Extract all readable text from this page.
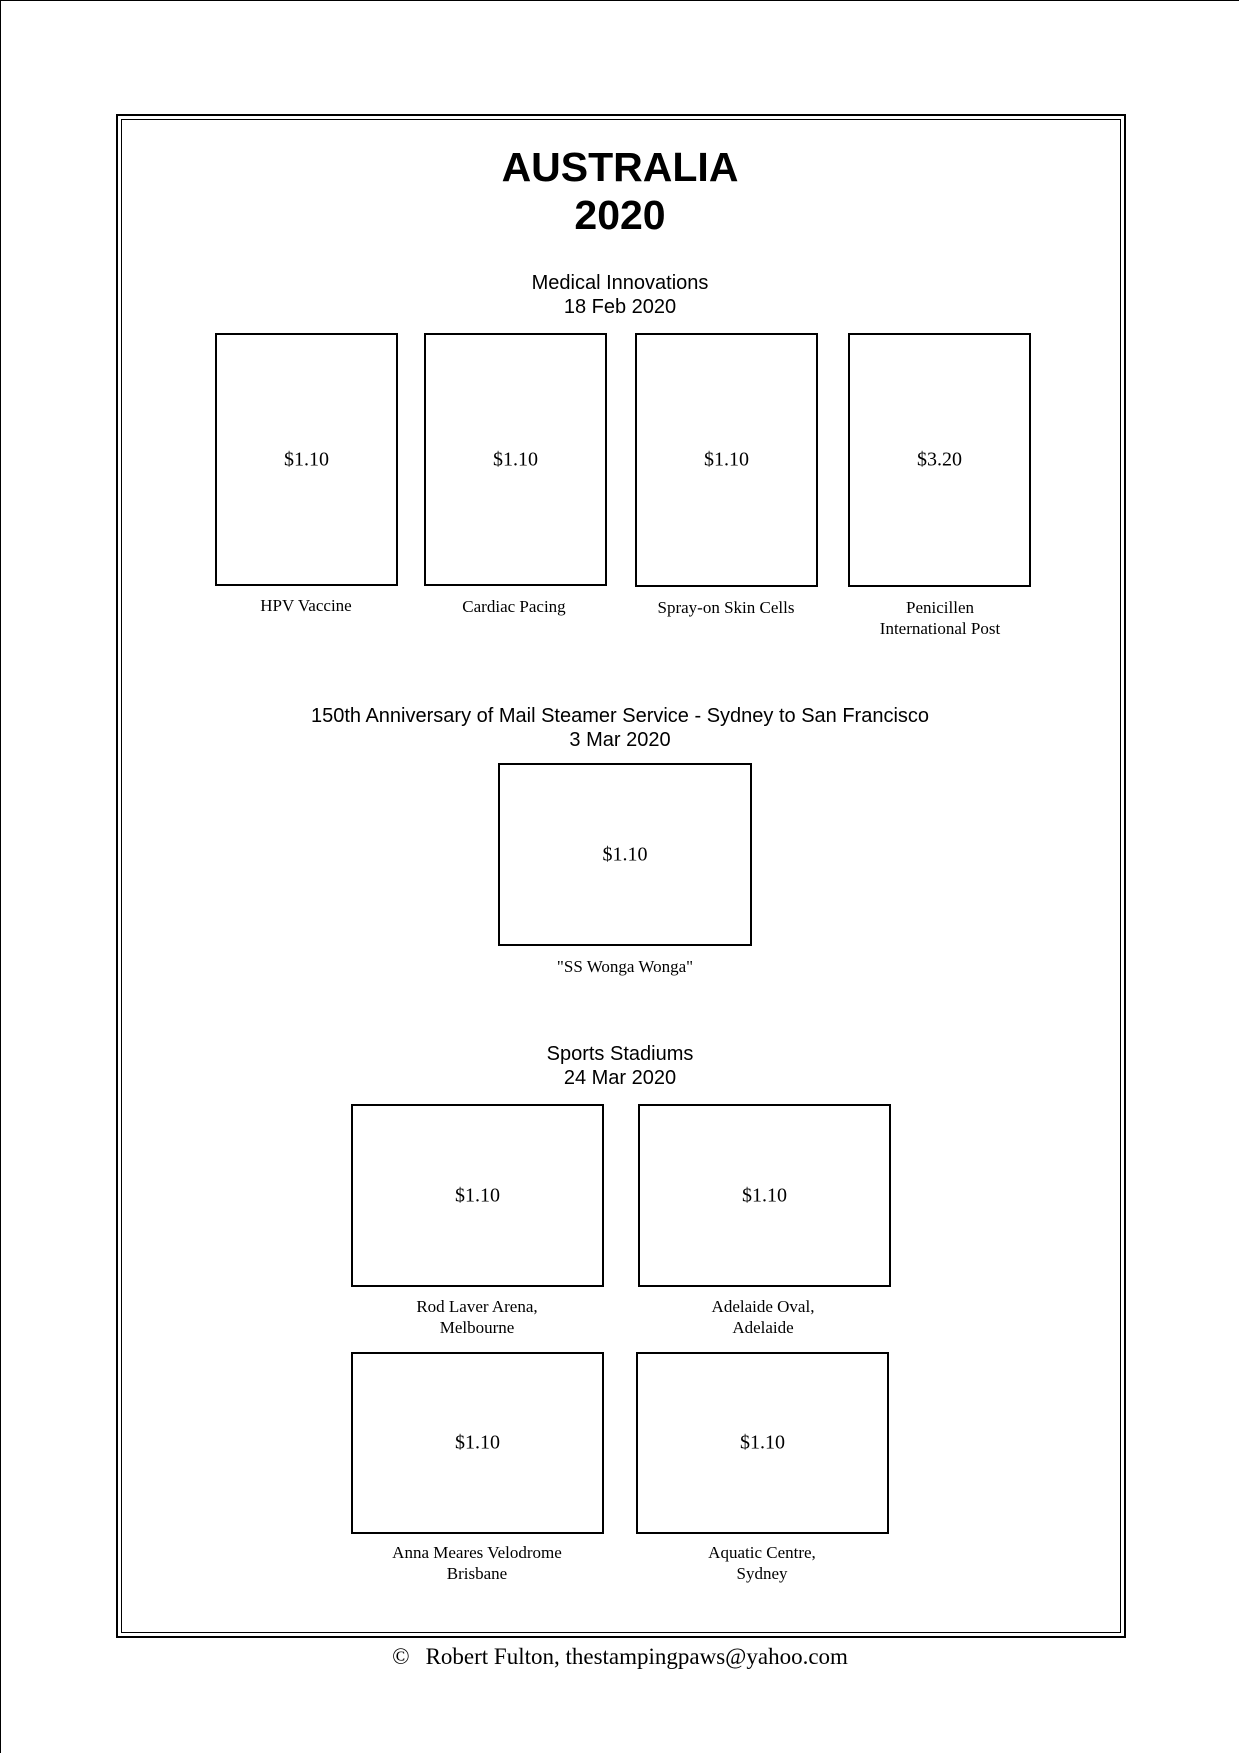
AUSTRALIA
2020
Medical Innovations
18 Feb 2020
$1.10
HPV Vaccine
$1.10
Cardiac Pacing
$1.10
Spray-on Skin Cells
$3.20
Penicillen
International Post
150th Anniversary of Mail Steamer Service - Sydney to San Francisco
3 Mar 2020
$1.10
"SS Wonga Wonga"
Sports Stadiums
24 Mar 2020
$1.10
Rod Laver Arena,
Melbourne
$1.10
Adelaide Oval,
Adelaide
$1.10
Anna Meares Velodrome
Brisbane
$1.10
Aquatic Centre,
Sydney
© Robert Fulton, thestampingpaws@yahoo.com
